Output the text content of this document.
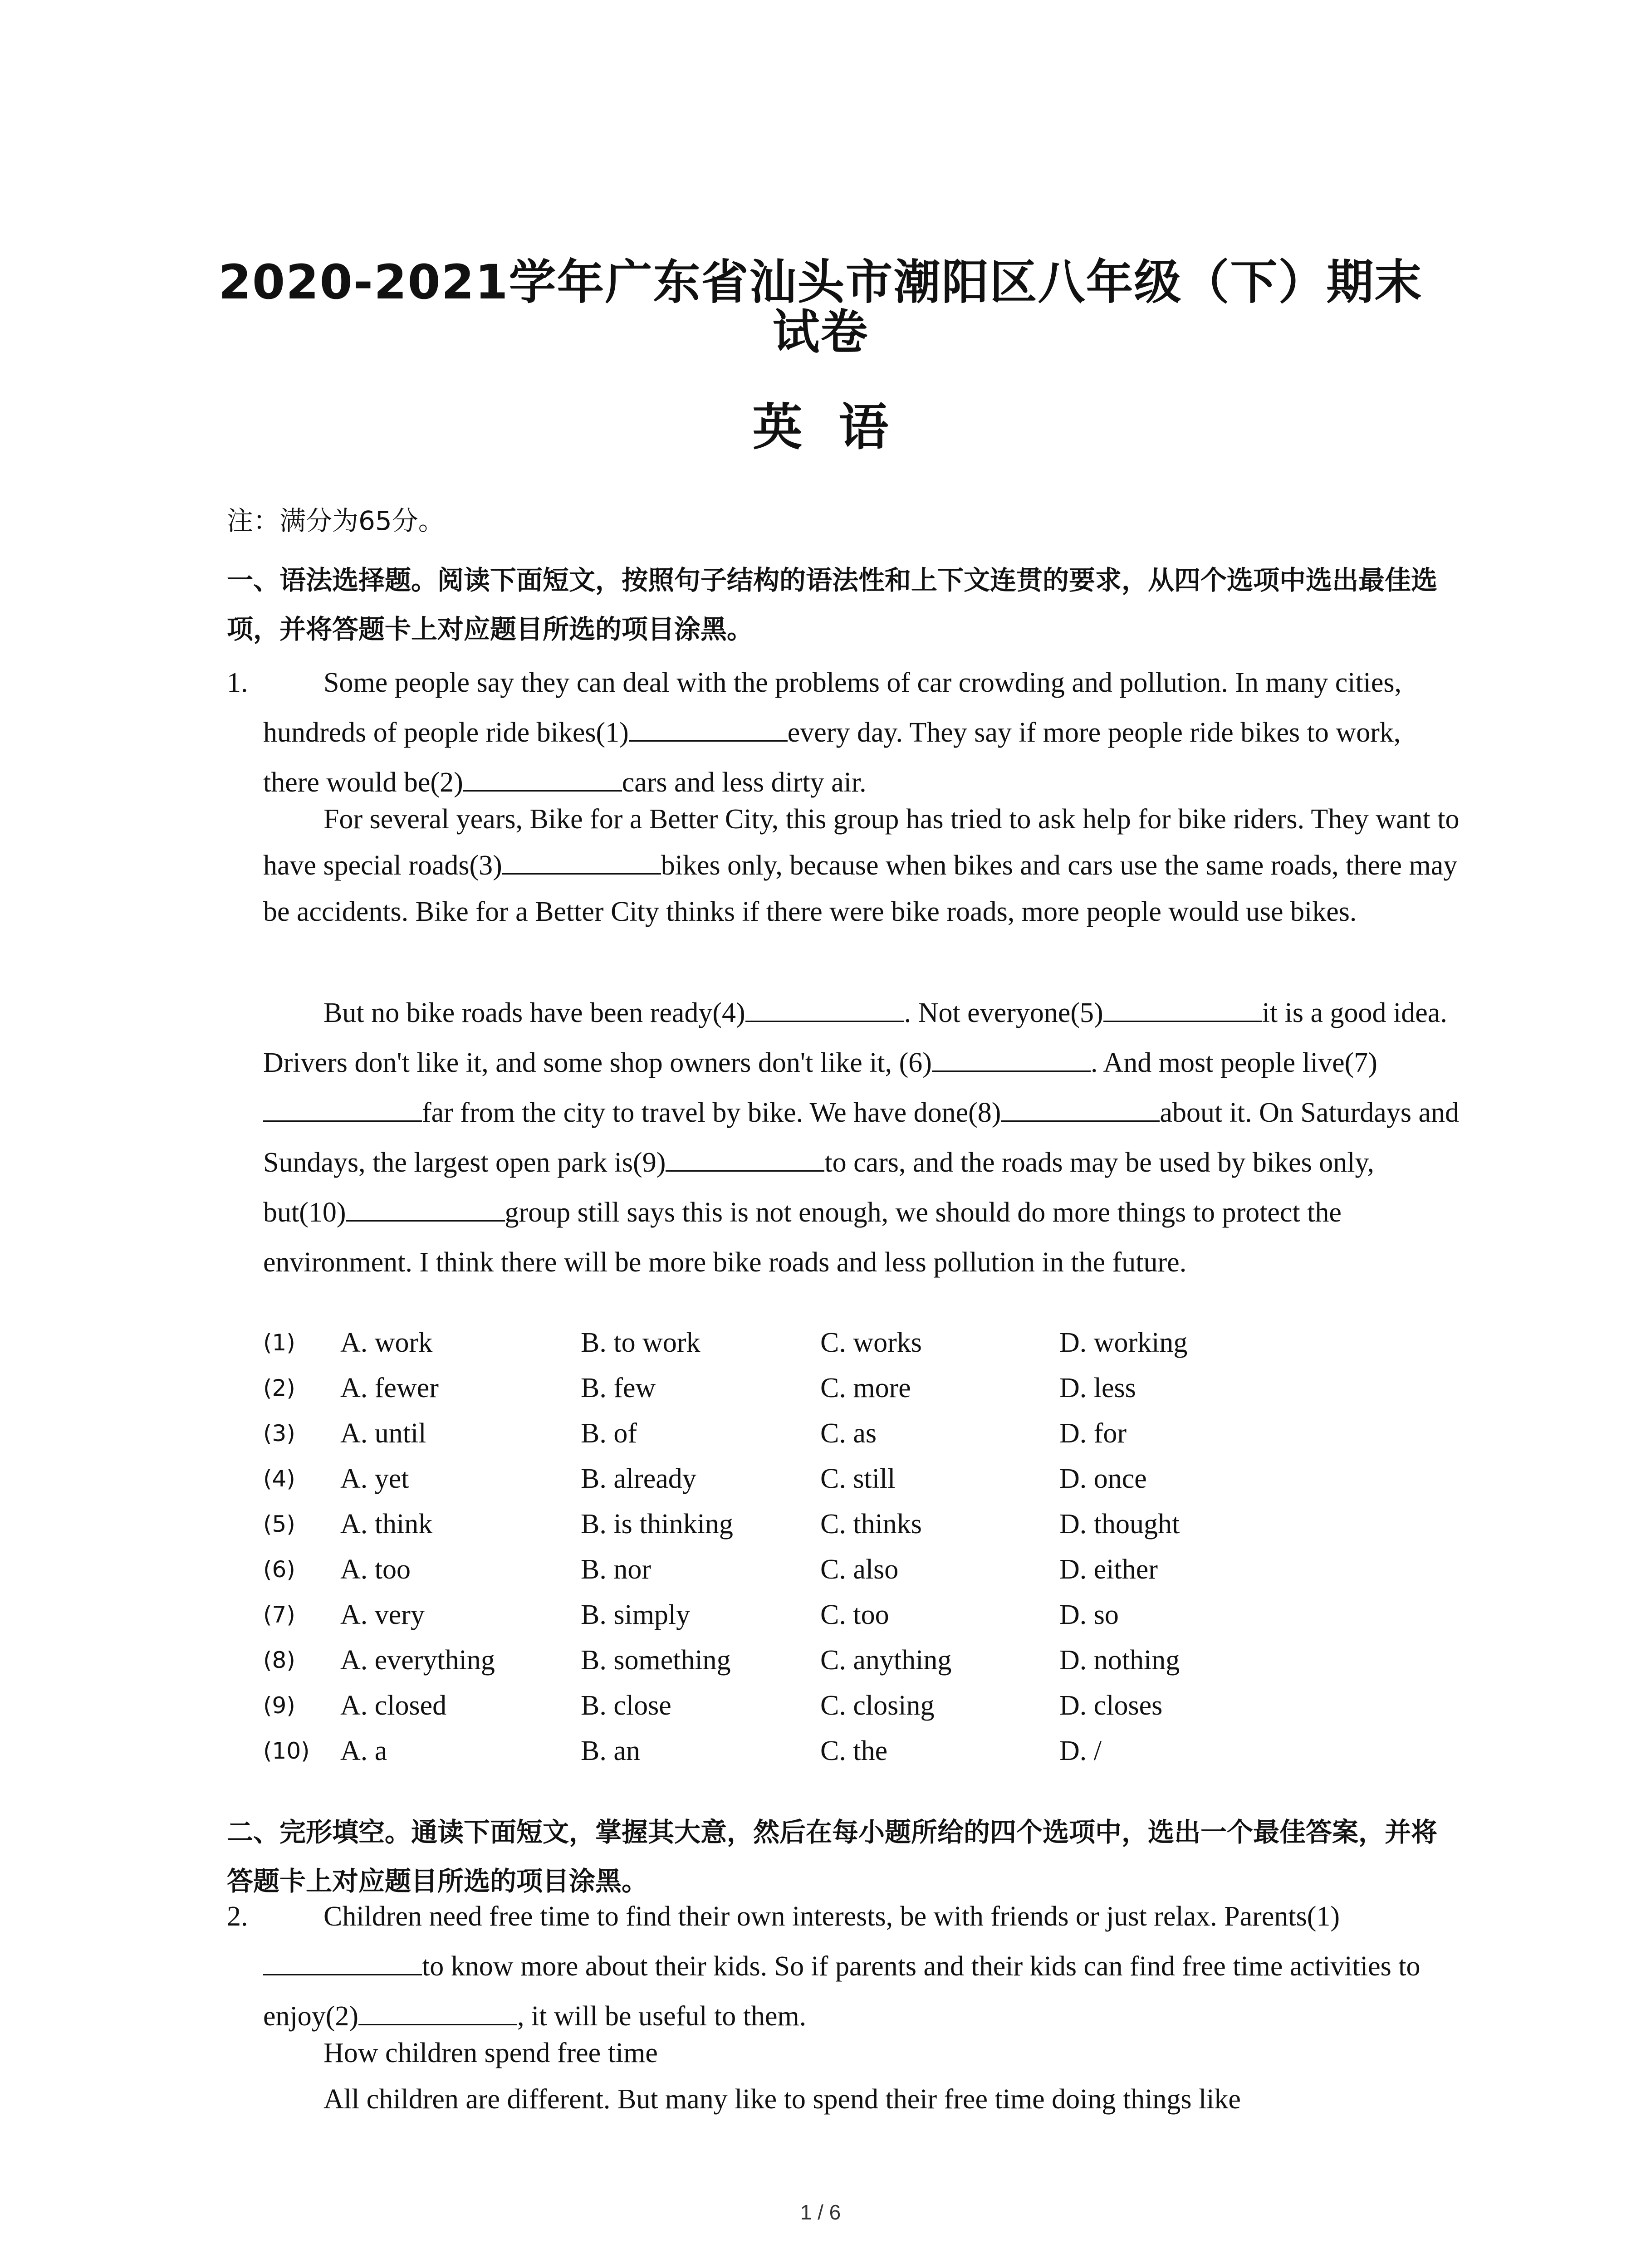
2020-2021学年广东省汕头市潮阳区八年级（下）期末
试卷
英语
注：满分为65分。
一、语法选择题。阅读下面短文，按照句子结构的语法性和上下文连贯的要求，从四个选项中选出最佳选项，并将答题卡上对应题目所选的项目涂黑。
1.	Some people say they can deal with the problems of car crowding and pollution. In many cities, hundreds of people ride bikes(1)	every day. They say if more people ride bikes to work, there would be(2)	cars and less dirty air.

For several years, Bike for a Better City, this group has tried to ask help for bike riders. They want to have special roads(3)	bikes only, because when bikes and cars use the same roads, there may be accidents. Bike for a Better City thinks if there were bike roads, more people would use bikes.

But no bike roads have been ready(4)	. Not everyone(5)	it is a good idea. Drivers don't like it, and some shop owners don't like it, (6)	. And most people live(7)far from the city to travel by bike. We have done(8)	about it. On Saturdays and Sundays, the largest open park is(9)	to cars, and the roads may be used by bikes only, but(10)	group still says this is not enough, we should do more things to protect the environment. I think there will be more bike roads and less pollution in the future.

(1) A. work	B. to work	C. works	D. working
(2) A. fewer	B. few	C. more	D. less
(3) A. until	B. of	C. as	D. for
(4) A. yet	B. already	C. still	D. once
(5) A. think	B. is thinking	C. thinks	D. thought
(6) A. too	B. nor	C. also	D. either
(7) A. very	B. simply	C. too	D. so
(8) A. everything	B. something	C. anything	D. nothing
(9) A. closed	B. close	C. closing	D. closes
(10) A. a	B. an	C. the	D. /
二、完形填空。通读下面短文，掌握其大意，然后在每小题所给的四个选项中，选出一个最佳答案，并将答题卡上对应题目所选的项目涂黑。
2.	Children need free time to find their own interests, be with friends or just relax. Parents(1)to know more about their kids. So if parents and their kids can find free time activities to enjoy(2)	, it will be useful to them.

How children spend free time

All children are different. But many like to spend their free time doing things like

1 / 6
